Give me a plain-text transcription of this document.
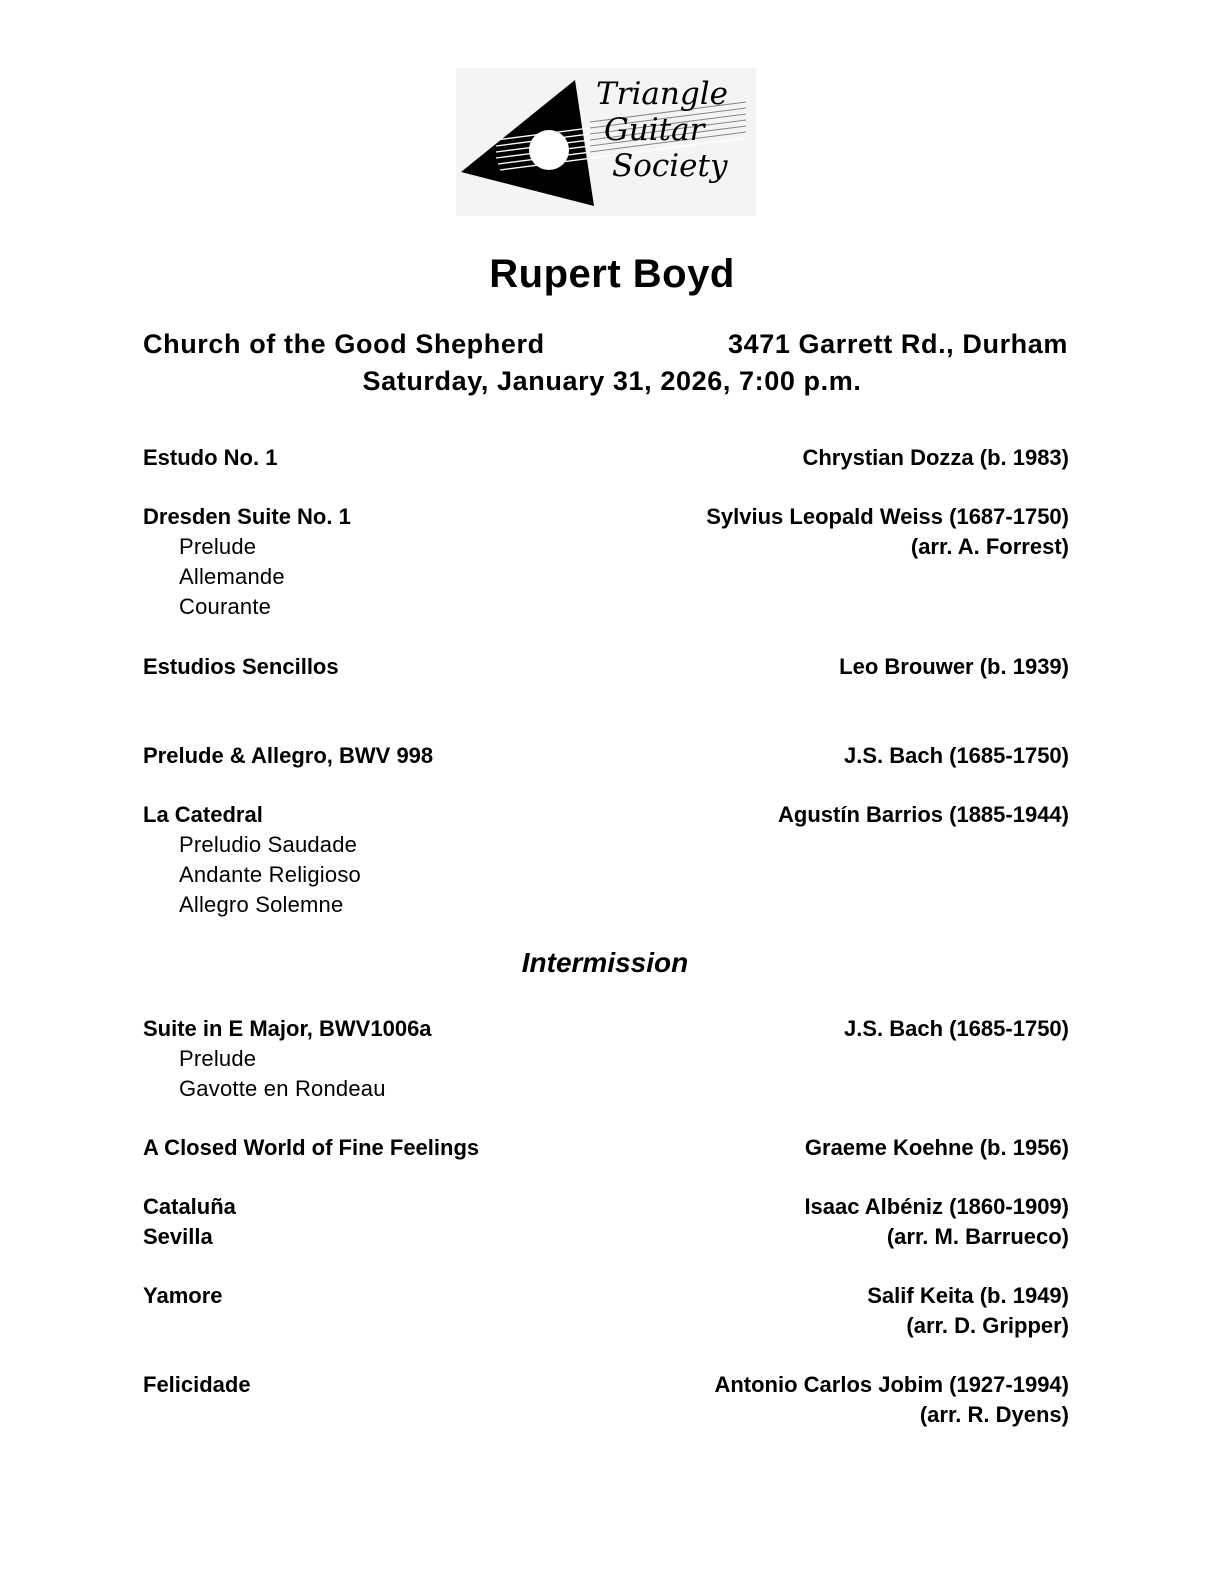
Triangle
Guitar
Society
Rupert Boyd
Church of the Good Shepherd	3471 Garrett Rd., Durham
Saturday, January 31, 2026, 7:00 p.m.
Estudo No. 1	Chrystian Dozza (b. 1983)
Dresden Suite No. 1	Sylvius Leopald Weiss (1687-1750)
Prelude	(arr. A. Forrest)
Allemande
Courante
Estudios Sencillos	Leo Brouwer (b. 1939)
Prelude & Allegro, BWV 998	J.S. Bach (1685-1750)
La Catedral	Agustín Barrios (1885-1944)
Preludio Saudade
Andante Religioso
Allegro Solemne
Suite in E Major, BWV1006a	J.S. Bach (1685-1750)
Prelude
Gavotte en Rondeau
A Closed World of Fine Feelings	Graeme Koehne (b. 1956)
Cataluña	Isaac Albéniz (1860-1909)
Sevilla	(arr. M. Barrueco)
Yamore	Salif Keita (b. 1949)
(arr. D. Gripper)
Felicidade	Antonio Carlos Jobim (1927-1994)
(arr. R. Dyens)
Intermission
